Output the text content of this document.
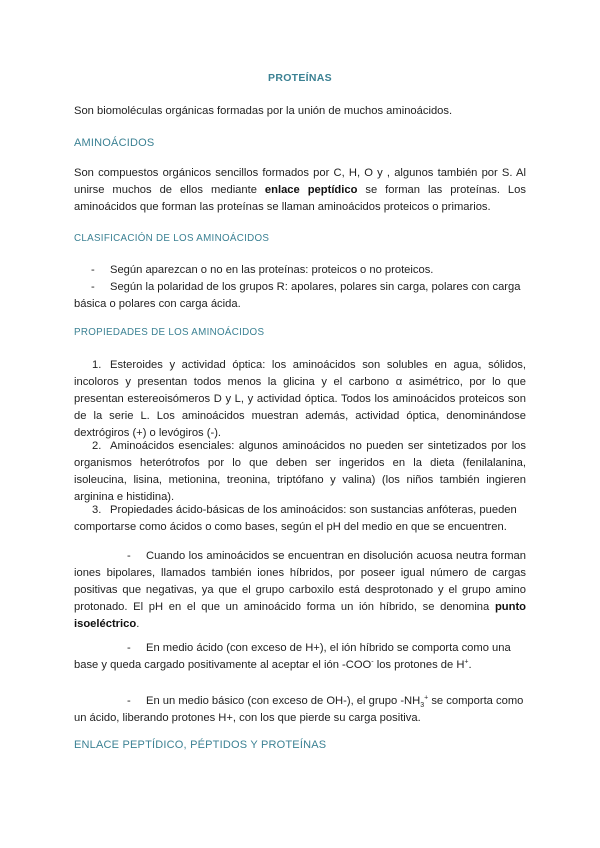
PROTEÍNAS

Son biomoléculas orgánicas formadas por la unión de muchos aminoácidos.

AMINOÁCIDOS

Son compuestos orgánicos sencillos formados por C, H, O y , algunos también por S. Al unirse muchos de ellos mediante enlace peptídico se forman las proteínas. Los aminoácidos que forman las proteínas se llaman aminoácidos proteicos o primarios.

CLASIFICACIÓN DE LOS AMINOÁCIDOS
- Según aparezcan o no en las proteínas: proteicos o no proteicos.

-	Según la polaridad de los grupos R: apolares, polares sin carga, polares con carga básica o polares con carga ácida.

PROPIEDADES DE LOS AMINOÁCIDOS
1. Esteroides y actividad óptica: los aminoácidos son solubles en agua, sólidos, incoloros y presentan todos menos la glicina y el carbono α asimétrico, por lo que presentan estereoisómeros D y L, y actividad óptica. Todos los aminoácidos proteicos son de la serie L. Los aminoácidos muestran además, actividad óptica, denominándose dextrógiros (+) o levógiros (-).

2. Aminoácidos esenciales: algunos aminoácidos no pueden ser sintetizados por los organismos heterótrofos por lo que deben ser ingeridos en la dieta (fenilalanina, isoleucina, lisina, metionina, treonina, triptófano y valina) (los niños también ingieren arginina e histidina).

3. Propiedades ácido-básicas de los aminoácidos: son sustancias anfóteras, pueden comportarse como ácidos o como bases, según el pH del medio en que se encuentren.

-	Cuando los aminoácidos se encuentran en disolución acuosa neutra forman iones bipolares, llamados también iones híbridos, por poseer igual número de cargas positivas que negativas, ya que el grupo carboxilo está desprotonado y el grupo amino protonado. El pH en el que un aminoácido forma un ión híbrido, se denomina punto isoeléctrico.

-	En medio ácido (con exceso de H+), el ión híbrido se comporta como una base y queda cargado positivamente al aceptar el ión -COO- los protones de H+.

-	En un medio básico (con exceso de OH-), el grupo $-NH_3^+$ se comporta como un ácido, liberando protones H+, con los que pierde su carga positiva.

ENLACE PEPTÍDICO, PÉPTIDOS Y PROTEÍNAS
